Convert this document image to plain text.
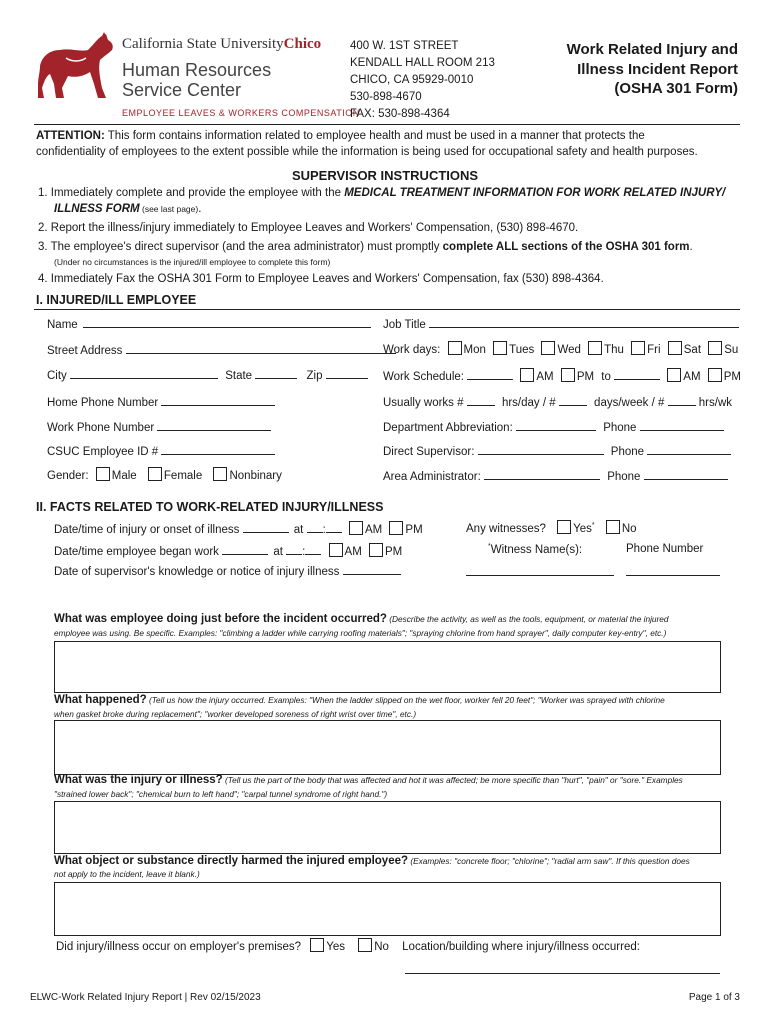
California State UniversityChico
Human Resources
Service Center
EMPLOYEE LEAVES & WORKERS COMPENSATION
400 W. 1ST STREET
KENDALL HALL ROOM 213
CHICO, CA 95929-0010
530-898-4670
FAX: 530-898-4364
Work Related Injury and
Illness Incident Report
(OSHA 301 Form)
ATTENTION: This form contains information related to employee health and must be used in a manner that protects the
confidentiality of employees to the extent possible while the information is being used for occupational safety and health purposes.
SUPERVISOR INSTRUCTIONS
1. Immediately complete and provide the employee with the MEDICAL TREATMENT INFORMATION FOR WORK RELATED INJURY/
ILLNESS FORM (see last page).
2. Report the illness/injury immediately to Employee Leaves and Workers' Compensation, (530) 898-4670.
3. The employee's direct supervisor (and the area administrator) must promptly complete ALL sections of the OSHA 301 form.
(Under no circumstances is the injured/ill employee to complete this form)
4. Immediately Fax the OSHA 301 Form to Employee Leaves and Workers' Compensation, fax (530) 898-4364.
I. INJURED/ILL EMPLOYEE
Name
Street Address
City	State	Zip
Home Phone Number
Work Phone Number
CSUC Employee ID #
Gender: Male Female Nonbinary
Job Title
Work days: Mon Tues Wed Thu Fri Sat Su
Work Schedule:	AM PM to	AM PM
Usually works #	hrs/day / #	days/week / #	hrs/wk
Department Abbreviation:	Phone
Direct Supervisor:	Phone
Area Administrator:	Phone
II. FACTS RELATED TO WORK-RELATED INJURY/ILLNESS
Date/time of injury or onset of illness	at :	AM PM
Date/time employee began work	at :	AM PM
Date of supervisor's knowledge or notice of injury illness
Any witnesses? Yes* No
*Witness Name(s):	Phone Number
What was employee doing just before the incident occurred? (Describe the activity, as well as the tools, equipment, or material the injured
employee was using. Be specific. Examples: "climbing a ladder while carrying roofing materials"; "spraying chlorine from hand sprayer", daily computer key-entry", etc.)
What happened? (Tell us how the injury occurred. Examples: "When the ladder slipped on the wet floor, worker fell 20 feet"; "Worker was sprayed with chlorine
when gasket broke during replacement"; "worker developed soreness of right wrist over time", etc.)
What was the injury or illness? (Tell us the part of the body that was affected and hot it was affected; be more specific than "hurt", "pain" or "sore." Examples
"strained lower back"; "chemical burn to left hand"; "carpal tunnel syndrome of right hand.")
What object or substance directly harmed the injured employee? (Examples: "concrete floor; "chlorine"; "radial arm saw". If this question does
not apply to the incident, leave it blank.)
Did injury/illness occur on employer's premises? Yes	No Location/building where injury/illness occurred:
ELWC-Work Related Injury Report | Rev 02/15/2023	Page 1 of 3
